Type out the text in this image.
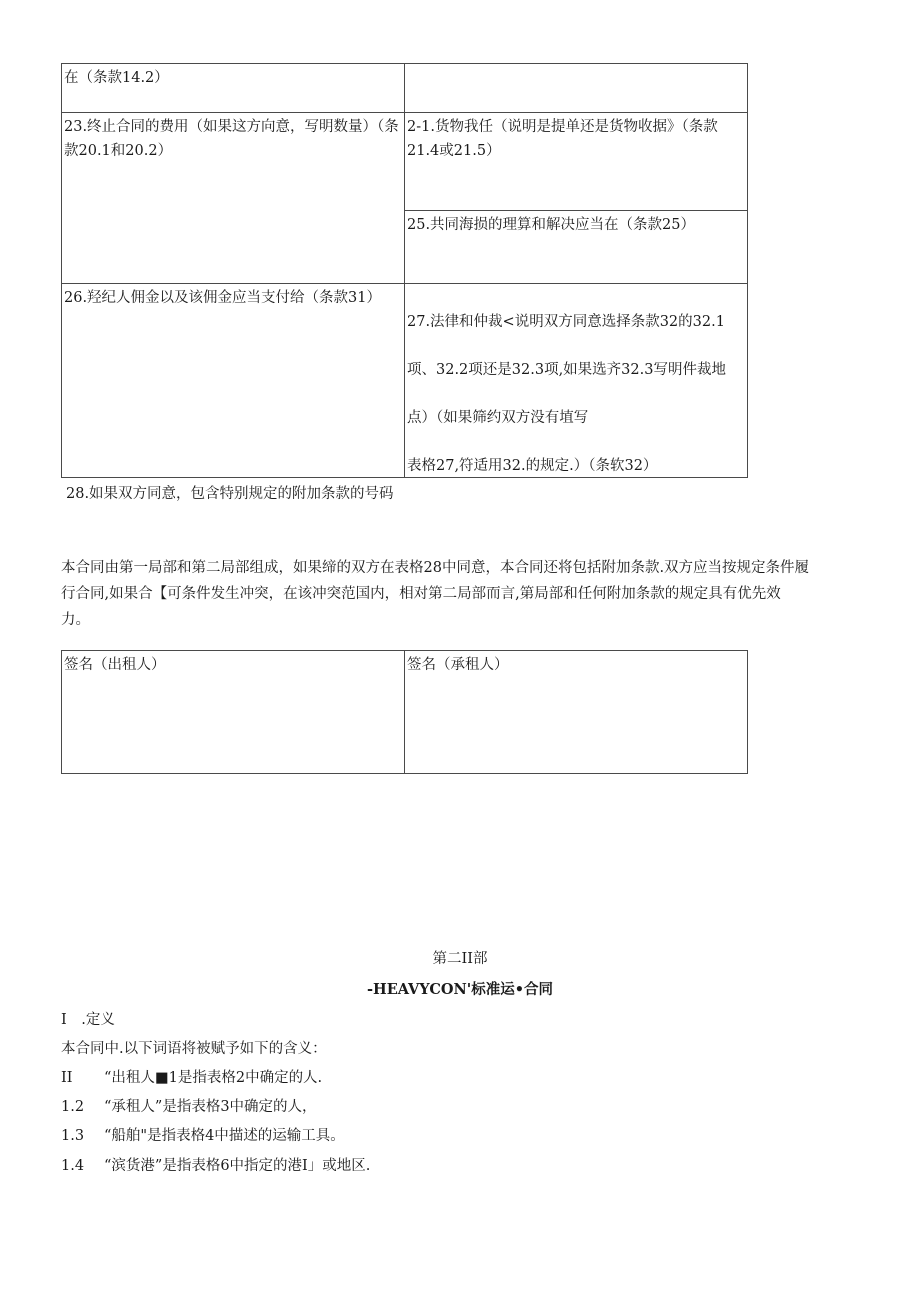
在（条款14.2）
23.终止合同的费用（如果这方向意，写明数量）（条款20.1和20.2）
2-1.货物我任（说明是提单还是货物收据》（条款21.4或21.5）
25.共同海损的理算和解决应当在（条款25）
26.羟纪人佣金以及该佣金应当支付给（条款31）

27.法律和仲裁<说明双方同意选择条款32的32.1

项、32.2项还是32.3项,如果选齐32.3写明件裁地

点）（如果筛约双方没有埴写

表格27,符适用32.的规定.）（条软32）

28.如果双方同意，包含特别规定的附加条款的号码
本合同由第一局部和第二局部组成，如果缔的双方在表格28中同意，本合同还将包括附加条款.双方应当按规定条件履
行合同,如果合【可条件发生冲突，在该冲突范国内，相对第二局部而言,第局部和任何附加条款的规定具有优先效
力。
签名（出租人）	签名（承租人）
第二II部
-HEAVYCON'标准运•合同
I　.定义
本合同中.以下词语将被赋予如下的含义：
II “出租人■1是指表格2中确定的人.
1.2 “承租人”是指表格3中确定的人，
1.3 “船舶"是指表格4中描述的运输工具。
1.4 “滨货港”是指表格6中指定的港I」或地区.
